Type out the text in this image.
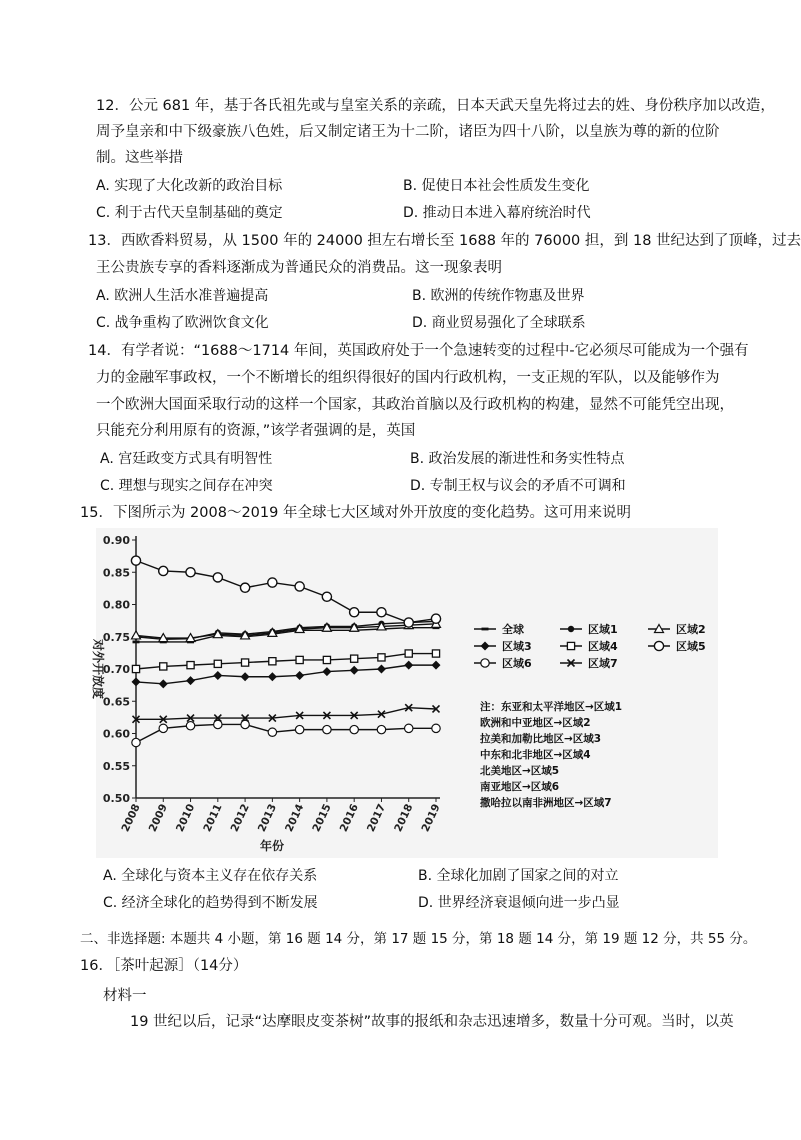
12．公元 681 年，基于各氏祖先或与皇室关系的亲疏，日本天武天皇先将过去的姓、身份秩序加以改造，
周予皇亲和中下级豪族八色姓，后又制定诸王为十二阶，诸臣为四十八阶，以皇族为尊的新的位阶
制。这些举措
A. 实现了大化改新的政治目标	B. 促使日本社会性质发生变化
C. 利于古代天皇制基础的奠定	D. 推动日本进入幕府统治时代
13．西欧香料贸易，从 1500 年的 24000 担左右增长至 1688 年的 76000 担，到 18 世纪达到了顶峰，过去
王公贵族专享的香料逐渐成为普通民众的消费品。这一现象表明
A. 欧洲人生活水准普遍提高	B. 欧洲的传统作物惠及世界
C. 战争重构了欧洲饮食文化	D. 商业贸易强化了全球联系
14．有学者说：“1688～1714 年间，英国政府处于一个急速转变的过程中-它必须尽可能成为一个强有
力的金融军事政权，一个不断增长的组织得很好的国内行政机构，一支正规的军队，以及能够作为
一个欧洲大国面采取行动的这样一个国家，其政治首脑以及行政机构的构建，显然不可能凭空出现，
只能充分利用原有的资源，”该学者强调的是，英国
A. 宫廷政变方式具有明智性	B. 政治发展的渐进性和务实性特点
C. 理想与现实之间存在冲突	D. 专制王权与议会的矛盾不可调和
15．下图所示为 2008～2019 年全球七大区域对外开放度的变化趋势。这可用来说明
0.50
0.55
0.60
0.65
0.70
0.75
0.80
0.85
0.90
2008 2009 2010 2011 2012 2013 2014 2015 2016 2017 2018 2019
年份
对外开放度
全球	区域1	区域2
区域3	区域4	区域5
区域6	区域7
注：东亚和太平洋地区→区域1
欧洲和中亚地区→区域2
拉美和加勒比地区→区域3
中东和北非地区→区域4
北美地区→区域5
南亚地区→区域6
撒哈拉以南非洲地区→区域7
A. 全球化与资本主义存在依存关系	B. 全球化加剧了国家之间的对立
C. 经济全球化的趋势得到不断发展	D. 世界经济衰退倾向进一步凸显
二、非选择题: 本题共 4 小题，第 16 题 14 分，第 17 题 15 分，第 18 题 14 分，第 19 题 12 分，共 55 分。
16．［茶叶起源］（14分）
材料一
19 世纪以后，记录“达摩眼皮变茶树”故事的报纸和杂志迅速增多，数量十分可观。当时，以英
